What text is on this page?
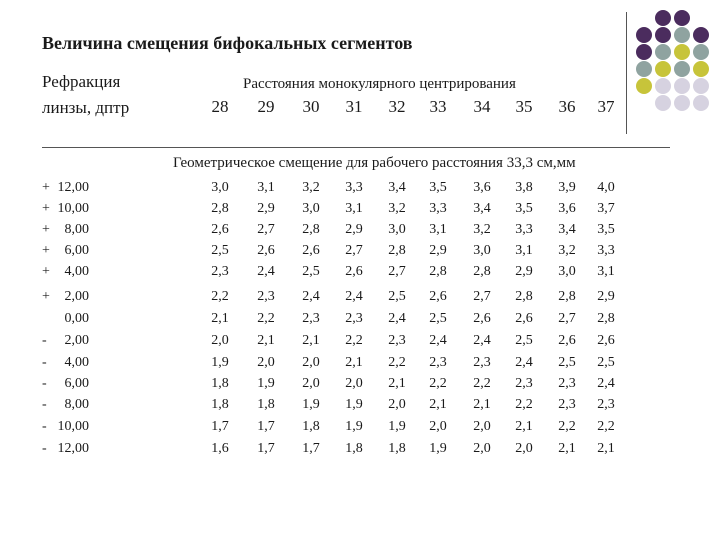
Величина смещения бифокальных сегментов
Рефракция
линзы, дптр
Расстояния монокулярного центрирования
28 29 30 31 32 33 34 35 36 37
Геометрическое смещение для рабочего расстояния 33,3 см,мм
+ 12,00	3,0 3,1 3,2 3,3 3,4 3,5 3,6 3,8 3,9 4,0
+ 10,00	2,8 2,9 3,0 3,1 3,2 3,3 3,4 3,5 3,6 3,7
+ 8,00	2,6 2,7 2,8 2,9 3,0 3,1 3,2 3,3 3,4 3,5
+ 6,00	2,5 2,6 2,6 2,7 2,8 2,9 3,0 3,1 3,2 3,3
+ 4,00	2,3 2,4 2,5 2,6 2,7 2,8 2,8 2,9 3,0 3,1
+ 2,00	2,2 2,3 2,4 2,4 2,5 2,6 2,7 2,8 2,8 2,9
0,00	2,1 2,2 2,3 2,3 2,4 2,5 2,6 2,6 2,7 2,8
- 2,00	2,0 2,1 2,1 2,2 2,3 2,4 2,4 2,5 2,6 2,6
- 4,00	1,9 2,0 2,0 2,1 2,2 2,3 2,3 2,4 2,5 2,5
- 6,00	1,8 1,9 2,0 2,0 2,1 2,2 2,2 2,3 2,3 2,4
- 8,00	1,8 1,8 1,9 1,9 2,0 2,1 2,1 2,2 2,3 2,3
- 10,00	1,7 1,7 1,8 1,9 1,9 2,0 2,0 2,1 2,2 2,2
- 12,00	1,6 1,7 1,7 1,8 1,8 1,9 2,0 2,0 2,1 2,1
